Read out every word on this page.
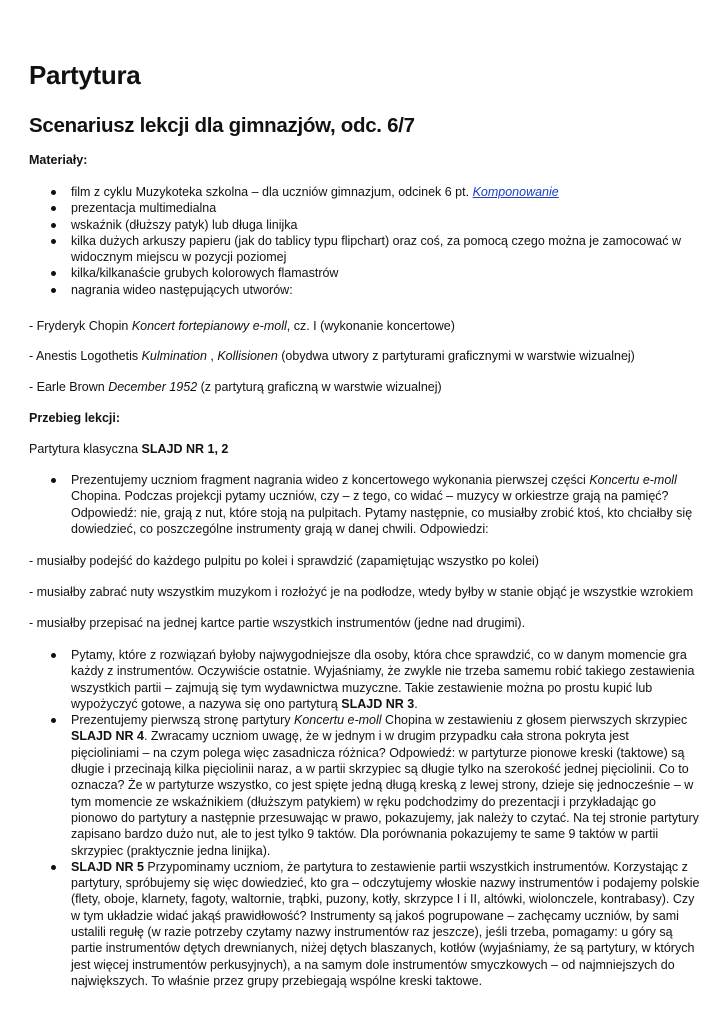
Partytura
Scenariusz lekcji dla gimnazjów, odc. 6/7
Materiały:
film z cyklu Muzykoteka szkolna – dla uczniów gimnazjum, odcinek 6 pt. Komponowanie
prezentacja multimedialna
wskaźnik (dłuższy patyk) lub długa linijka
kilka dużych arkuszy papieru (jak do tablicy typu flipchart) oraz coś, za pomocą czego można je zamocować w widocznym miejscu w pozycji poziomej
kilka/kilkanaście grubych kolorowych flamastrów
nagrania wideo następujących utworów:
- Fryderyk Chopin Koncert fortepianowy e-moll, cz. I (wykonanie koncertowe)
- Anestis Logothetis Kulmination , Kollisionen (obydwa utwory z partyturami graficznymi w warstwie wizualnej)
- Earle Brown December 1952 (z partyturą graficzną w warstwie wizualnej)
Przebieg lekcji:
Partytura klasyczna SLAJD NR 1, 2
Prezentujemy uczniom fragment nagrania wideo z koncertowego wykonania pierwszej części Koncertu e-moll Chopina. Podczas projekcji pytamy uczniów, czy – z tego, co widać – muzycy w orkiestrze grają na pamięć? Odpowiedź: nie, grają z nut, które stoją na pulpitach. Pytamy następnie, co musiałby zrobić ktoś, kto chciałby się dowiedzieć, co poszczególne instrumenty grają w danej chwili. Odpowiedzi:
- musiałby podejść do każdego pulpitu po kolei i sprawdzić (zapamiętując wszystko po kolei)
- musiałby zabrać nuty wszystkim muzykom i rozłożyć je na podłodze, wtedy byłby w stanie objąć je wszystkie wzrokiem
- musiałby przepisać na jednej kartce partie wszystkich instrumentów (jedne nad drugimi).
Pytamy, które z rozwiązań byłoby najwygodniejsze dla osoby, która chce sprawdzić, co w danym momencie gra każdy z instrumentów. Oczywiście ostatnie. Wyjaśniamy, że zwykle nie trzeba samemu robić takiego zestawienia wszystkich partii – zajmują się tym wydawnictwa muzyczne. Takie zestawienie można po prostu kupić lub wypożyczyć gotowe, a nazywa się ono partyturą SLAJD NR 3.
Prezentujemy pierwszą stronę partytury Koncertu e-moll Chopina w zestawieniu z głosem pierwszych skrzypiec SLAJD NR 4. Zwracamy uczniom uwagę, że w jednym i w drugim przypadku cała strona pokryta jest pięcioliniami – na czym polega więc zasadnicza różnica? Odpowiedź: w partyturze pionowe kreski (taktowe) są długie i przecinają kilka pięciolinii naraz, a w partii skrzypiec są długie tylko na szerokość jednej pięciolinii. Co to oznacza? Że w partyturze wszystko, co jest spięte jedną długą kreską z lewej strony, dzieje się jednocześnie – w tym momencie ze wskaźnikiem (dłuższym patykiem) w ręku podchodzimy do prezentacji i przykładając go pionowo do partytury a następnie przesuwając w prawo, pokazujemy, jak należy to czytać. Na tej stronie partytury zapisano bardzo dużo nut, ale to jest tylko 9 taktów. Dla porównania pokazujemy te same 9 taktów w partii skrzypiec (praktycznie jedna linijka).
SLAJD NR 5 Przypominamy uczniom, że partytura to zestawienie partii wszystkich instrumentów. Korzystając z partytury, spróbujemy się więc dowiedzieć, kto gra – odczytujemy włoskie nazwy instrumentów i podajemy polskie (flety, oboje, klarnety, fagoty, waltornie, trąbki, puzony, kotły, skrzypce I i II, altówki, wiolonczele, kontrabasy). Czy w tym układzie widać jakąś prawidłowość? Instrumenty są jakoś pogrupowane – zachęcamy uczniów, by sami ustalili regułę (w razie potrzeby czytamy nazwy instrumentów raz jeszcze), jeśli trzeba, pomagamy: u góry są partie instrumentów dętych drewnianych, niżej dętych blaszanych, kotłów (wyjaśniamy, że są partytury, w których jest więcej instrumentów perkusyjnych), a na samym dole instrumentów smyczkowych – od najmniejszych do największych. To właśnie przez grupy przebiegają wspólne kreski taktowe.
